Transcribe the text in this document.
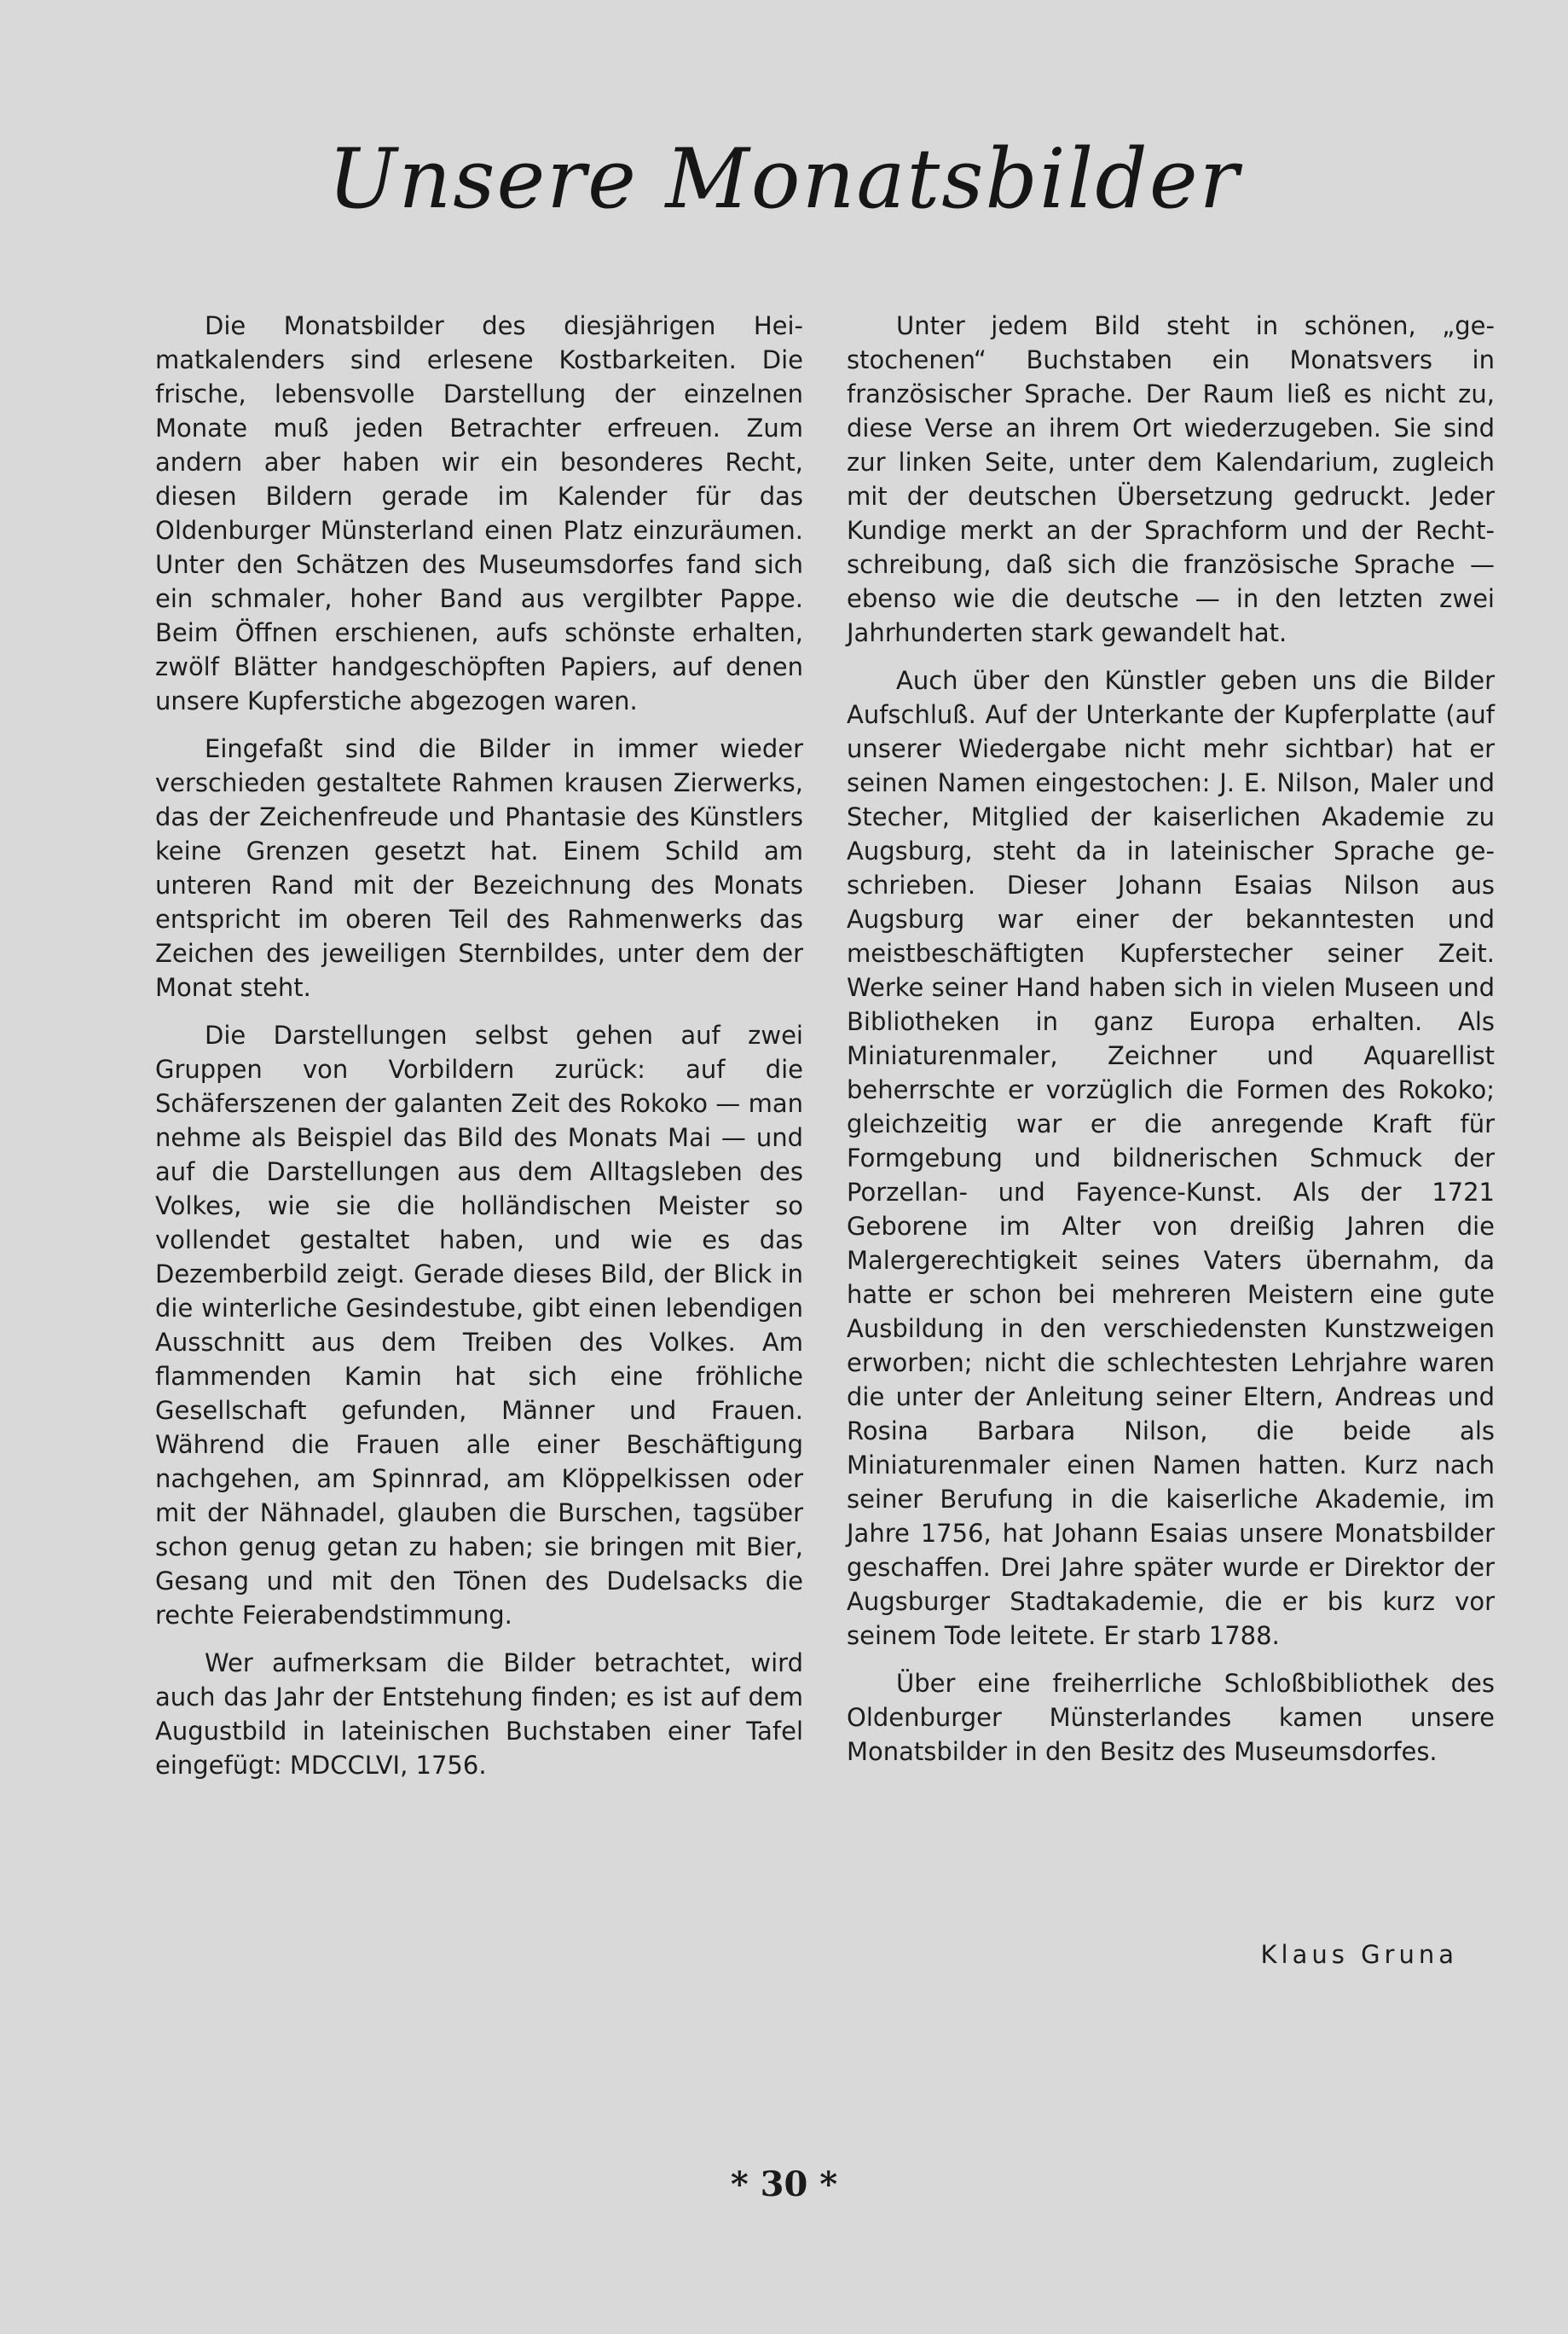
Unsere Monatsbilder

Die Monatsbilder des diesjährigen Heimatkalenders sind erlesene Kostbarkeiten. Die frische, lebensvolle Darstellung der einzelnen Monate muß jeden Betrachter erfreuen. Zum andern aber haben wir ein besonderes Recht, diesen Bildern gerade im Kalender für das Oldenburger Münsterland einen Platz einzuräumen. Unter den Schätzen des Museumsdorfes fand sich ein schmaler, hoher Band aus vergilbter Pappe. Beim Öffnen erschienen, aufs schönste erhalten, zwölf Blätter handgeschöpften Papiers, auf denen unsere Kupferstiche abgezogen waren.

Eingefaßt sind die Bilder in immer wieder verschieden gestaltete Rahmen krausen Zierwerks, das der Zeichenfreude und Phantasie des Künstlers keine Grenzen gesetzt hat. Einem Schild am unteren Rand mit der Bezeichnung des Monats entspricht im oberen Teil des Rahmenwerks das Zeichen des jeweiligen Sternbildes, unter dem der Monat steht.

Die Darstellungen selbst gehen auf zwei Gruppen von Vorbildern zurück: auf die Schäferszenen der galanten Zeit des Rokoko — man nehme als Beispiel das Bild des Monats Mai — und auf die Darstellungen aus dem Alltagsleben des Volkes, wie sie die holländischen Meister so vollendet gestaltet haben, und wie es das Dezemberbild zeigt. Gerade dieses Bild, der Blick in die winterliche Gesindestube, gibt einen lebendigen Ausschnitt aus dem Treiben des Volkes. Am flammenden Kamin hat sich eine fröhliche Gesellschaft gefunden, Männer und Frauen. Während die Frauen alle einer Beschäftigung nachgehen, am Spinnrad, am Klöppelkissen oder mit der Nähnadel, glauben die Burschen, tagsüber schon genug getan zu haben; sie bringen mit Bier, Gesang und mit den Tönen des Dudelsacks die rechte Feierabendstimmung.

Wer aufmerksam die Bilder betrachtet, wird auch das Jahr der Entstehung finden; es ist auf dem Augustbild in lateinischen Buchstaben einer Tafel eingefügt: MDCCLVI, 1756.

Unter jedem Bild steht in schönen, „gestochenen“ Buchstaben ein Monatsvers in französischer Sprache. Der Raum ließ es nicht zu, diese Verse an ihrem Ort wiederzugeben. Sie sind zur linken Seite, unter dem Kalendarium, zugleich mit der deutschen Übersetzung gedruckt. Jeder Kundige merkt an der Sprachform und der Rechtschreibung, daß sich die französische Sprache — ebenso wie die deutsche — in den letzten zwei Jahrhunderten stark gewandelt hat.

Auch über den Künstler geben uns die Bilder Aufschluß. Auf der Unterkante der Kupferplatte (auf unserer Wiedergabe nicht mehr sichtbar) hat er seinen Namen eingestochen: J. E. Nilson, Maler und Stecher, Mitglied der kaiserlichen Akademie zu Augsburg, steht da in lateinischer Sprache geschrieben. Dieser Johann Esaias Nilson aus Augsburg war einer der bekanntesten und meistbeschäftigten Kupferstecher seiner Zeit. Werke seiner Hand haben sich in vielen Museen und Bibliotheken in ganz Europa erhalten. Als Miniaturenmaler, Zeichner und Aquarellist beherrschte er vorzüglich die Formen des Rokoko; gleichzeitig war er die anregende Kraft für Formgebung und bildnerischen Schmuck der Porzellan- und Fayence-Kunst. Als der 1721 Geborene im Alter von dreißig Jahren die Malergerechtigkeit seines Vaters übernahm, da hatte er schon bei mehreren Meistern eine gute Ausbildung in den verschiedensten Kunstzweigen erworben; nicht die schlechtesten Lehrjahre waren die unter der Anleitung seiner Eltern, Andreas und Rosina Barbara Nilson, die beide als Miniaturenmaler einen Namen hatten. Kurz nach seiner Berufung in die kaiserliche Akademie, im Jahre 1756, hat Johann Esaias unsere Monatsbilder geschaffen. Drei Jahre später wurde er Direktor der Augsburger Stadtakademie, die er bis kurz vor seinem Tode leitete. Er starb 1788.

Über eine freiherrliche Schloßbibliothek des Oldenburger Münsterlandes kamen unsere Monatsbilder in den Besitz des Museumsdorfes.

Klaus Gruna
* 30 *
